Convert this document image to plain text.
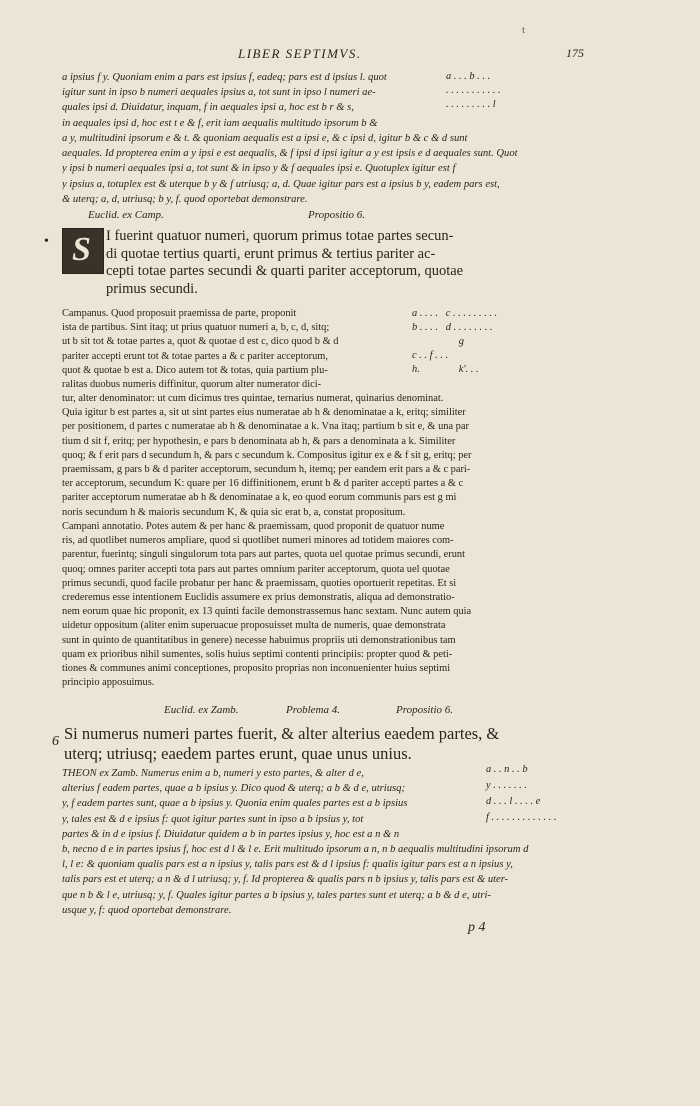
LIBER SEPTIMVS.	175
t
a ipsius f y. Quoniam enim a pars est ipsius f, eadeq; pars est d ipsius l. quot
igitur sunt in ipso b numeri aequales ipsius a, tot sunt in ipso l numeri ae-
quales ipsi d. Diuidatur, inquam, f in aequales ipsi a, hoc est b r & s,
in aequales ipsi d, hoc est t e & f, erit iam aequalis multitudo ipsorum b &
a . . . b . . .
. . . . . . . . . . .
. . . . . . . . . l

a y, multitudini ipsorum e & t. & quoniam aequalis est a ipsi e, & c ipsi d, igitur b & c & d sunt
aequales. Id propterea enim a y ipsi e est aequalis, & f ipsi d ipsi igitur a y est ipsis e d aequales sunt. Quot
y ipsi b numeri aequales ipsi a, tot sunt & in ipso y & f aequales ipsi e. Quotuplex igitur est f
y ipsius a, totuplex est & uterque b y & f utriusq; a, d. Quae igitur pars est a ipsius b y, eadem pars est,
& uterq; a, d, utriusq; b y, f. quod oportebat demonstrare.
Euclid. ex Camp.	Propositio 6.
• S I fuerint quatuor numeri, quorum primus totae partes secun-
di quotae tertius quarti, erunt primus & tertius pariter ac-
cepti totae partes secundi & quarti pariter acceptorum, quotae
primus secundi.
Campanus. Quod proposuit praemissa de parte, proponit
ista de partibus. Sint itaq; ut prius quatuor numeri a, b, c, d, sitq;
ut b sit tot & totae partes a, quot & quotae d est c, dico quod b & d
pariter accepti erunt tot & totae partes a & c pariter acceptorum,
quot & quotae b est a. Dico autem tot & totas, quia partium plu-
ralitas duobus numeris diffinitur, quorum alter numerator dici-
a . . . .   c . . . . . . . . .
b . . . .   d . . . . . . . .
g
c . . f . . .
h.               k'. . .
tur, alter denominator: ut cum dicimus tres quintae, ternarius numerat, quinarius denominat.
Quia igitur b est partes a, sit ut sint partes eius numeratae ab h & denominatae a k, eritq; similiter
per positionem, d partes c numeratae ab h & denominatae a k. Vna itaq; partium b sit e, & una par
tium d sit f, eritq; per hypothesin, e pars b denominata ab h, & pars a denominata a k. Similiter
quoq; & f erit pars d secundum h, & pars c secundum k. Compositus igitur ex e & f sit g, eritq; per
praemissam, g pars b & d pariter acceptorum, secundum h, itemq; per eandem erit pars a & c pari-
ter acceptorum, secundum K: quare per 16 diffinitionem, erunt b & d pariter accepti partes a & c
pariter acceptorum numeratae ab h & denominatae a k, eo quod eorum communis pars est g mi
noris secundum h & maioris secundum K, & quia sic erat b, a, constat propositum.
Campani annotatio. Potes autem & per hanc & praemissam, quod proponit de quatuor nume
ris, ad quotlibet numeros ampliare, quod si quotlibet numeri minores ad totidem maiores com-
parentur, fuerintq; singuli singulorum tota pars aut partes, quota uel quotae primus secundi, erunt
quoq; omnes pariter accepti tota pars aut partes omnium pariter acceptorum, quota uel quotae
primus secundi, quod facile probatur per hanc & praemissam, quoties oportuerit repetitas. Et si
crederemus esse intentionem Euclidis assumere ex prius demonstratis, aliqua ad demonstratio-
nem eorum quae hic proponit, ex 13 quinti facile demonstrassemus hanc sextam. Nunc autem quia
uidetur oppositum (aliter enim superuacue proposuisset multa de numeris, quae demonstrata
sunt in quinto de quantitatibus in genere) necesse habuimus propriis uti demonstrationibus tam
quam ex prioribus nihil sumentes, solis huius septimi contenti principiis: propter quod & peti-
tiones & communes animi conceptiones, proposito proprias non inconuenienter huius septimi
principio apposuimus.
Euclid. ex Zamb.	Problema 4.	Propositio 6.
6 Si numerus numeri partes fuerit, & alter alterius eaedem partes, &
uterq; utriusq; eaedem partes erunt, quae unus unius.
THEON ex Zamb. Numerus enim a b, numeri y esto partes, & alter d e,
alterius f eadem partes, quae a b ipsius y. Dico quod & uterq; a b & d e, utriusq;
y, f eadem partes sunt, quae a b ipsius y. Quonia enim quales partes est a b ipsius
y, tales est & d e ipsius f: quot igitur partes sunt in ipso a b ipsius y, tot
partes & in d e ipsius f. Diuidatur quidem a b in partes ipsius y, hoc est a n & n
a . . n . . b

y . . . . . . .

d . . . l . . . . e

f . . . . . . . . . . . . .
b, necno d e in partes ipsius f, hoc est d l & l e. Erit multitudo ipsorum a n, n b aequalis multitudini ipsorum d
l, l e: & quoniam qualis pars est a n ipsius y, talis pars est & d l ipsius f: qualis igitur pars est a n ipsius y,
talis pars est et uterq; a n & d l utriusq; y, f. Id propterea & qualis pars n b ipsius y, talis pars est & uter-
que n b & l e, utriusq; y, f. Quales igitur partes a b ipsius y, tales partes sunt et uterq; a b & d e, utri-
usque y, f: quod oportebat demonstrare.
p 4
